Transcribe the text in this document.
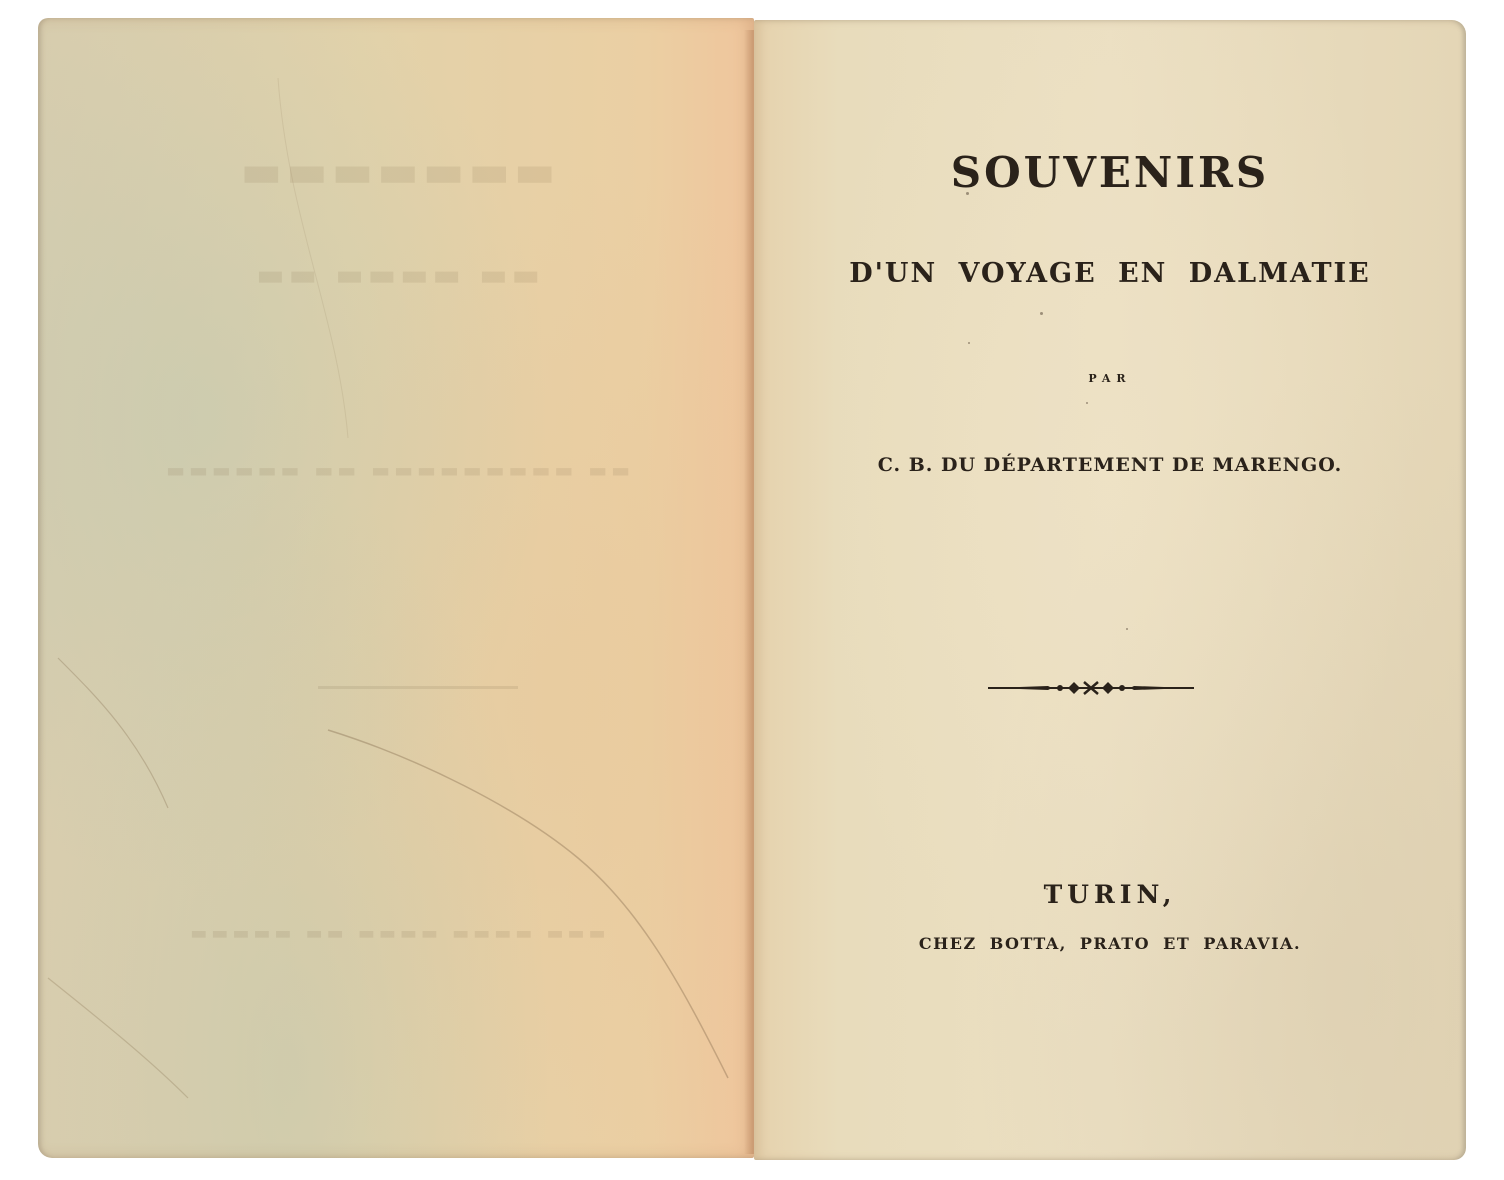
▬▬▬▬▬▬▬
▬▬ ▬▬▬▬ ▬▬
▬▬ ▬▬▬▬▬▬▬▬▬ ▬▬ ▬▬▬▬▬▬
▬▬▬ ▬▬▬▬ ▬▬▬▬ ▬▬ ▬▬▬▬▬
SOUVENIRS
D'UN VOYAGE EN DALMATIE
PAR
C. B. DU DÉPARTEMENT DE MARENGO.
TURIN,
CHEZ BOTTA, PRATO ET PARAVIA.
